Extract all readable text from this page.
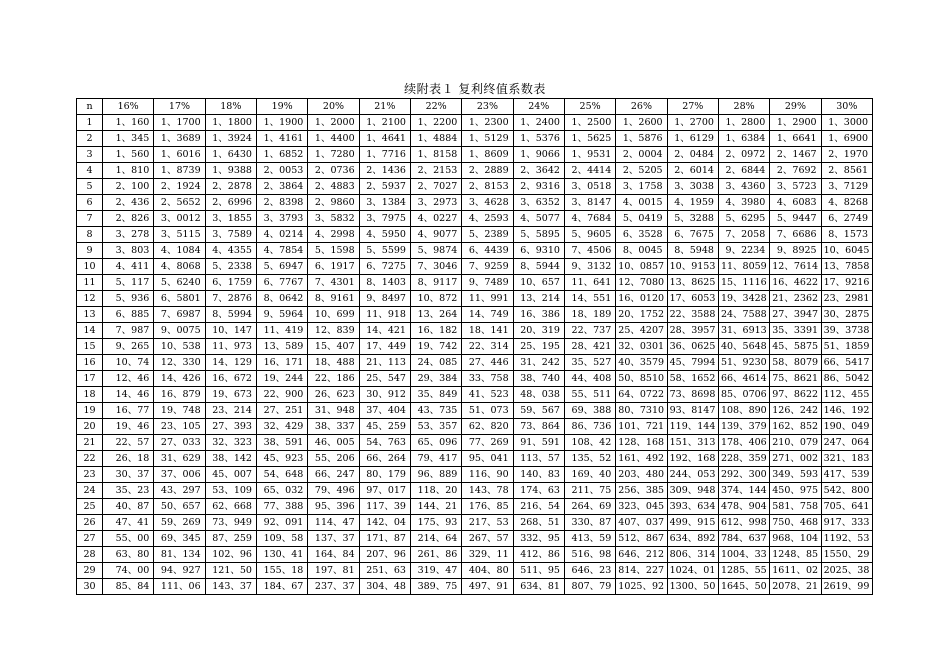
续附表１ 复利终值系数表
n	16%	17%	18%	19%	20%	21%	22%	23%	24%	25%	26%	27%	28%	29%	30%
1	1、160	1、1700	1、1800	1、1900	1、2000	1、2100	1、2200	1、2300	1、2400	1、2500	1、2600	1、2700	1、2800	1、2900	1、3000
2	1、345	1、3689	1、3924	1、4161	1、4400	1、4641	1、4884	1、5129	1、5376	1、5625	1、5876	1、6129	1、6384	1、6641	1、6900
3	1、560	1、6016	1、6430	1、6852	1、7280	1、7716	1、8158	1、8609	1、9066	1、9531	2、0004	2、0484	2、0972	2、1467	2、1970
4	1、810	1、8739	1、9388	2、0053	2、0736	2、1436	2、2153	2、2889	2、3642	2、4414	2、5205	2、6014	2、6844	2、7692	2、8561
5	2、100	2、1924	2、2878	2、3864	2、4883	2、5937	2、7027	2、8153	2、9316	3、0518	3、1758	3、3038	3、4360	3、5723	3、7129
6	2、436	2、5652	2、6996	2、8398	2、9860	3、1384	3、2973	3、4628	3、6352	3、8147	4、0015	4、1959	4、3980	4、6083	4、8268
7	2、826	3、0012	3、1855	3、3793	3、5832	3、7975	4、0227	4、2593	4、5077	4、7684	5、0419	5、3288	5、6295	5、9447	6、2749
8	3、278	3、5115	3、7589	4、0214	4、2998	4、5950	4、9077	5、2389	5、5895	5、9605	6、3528	6、7675	7、2058	7、6686	8、1573
9	3、803	4、1084	4、4355	4、7854	5、1598	5、5599	5、9874	6、4439	6、9310	7、4506	8、0045	8、5948	9、2234	9、8925	10、6045
10	4、411	4、8068	5、2338	5、6947	6、1917	6、7275	7、3046	7、9259	8、5944	9、3132	10、0857	10、9153	11、8059	12、7614	13、7858
11	5、117	5、6240	6、1759	6、7767	7、4301	8、1403	8、9117	9、7489	10、657	11、641	12、7080	13、8625	15、1116	16、4622	17、9216
12	5、936	6、5801	7、2876	8、0642	8、9161	9、8497	10、872	11、991	13、214	14、551	16、0120	17、6053	19、3428	21、2362	23、2981
13	6、885	7、6987	8、5994	9、5964	10、699	11、918	13、264	14、749	16、386	18、189	20、1752	22、3588	24、7588	27、3947	30、2875
14	7、987	9、0075	10、147	11、419	12、839	14、421	16、182	18、141	20、319	22、737	25、4207	28、3957	31、6913	35、3391	39、3738
15	9、265	10、538	11、973	13、589	15、407	17、449	19、742	22、314	25、195	28、421	32、0301	36、0625	40、5648	45、5875	51、1859
16	10、74	12、330	14、129	16、171	18、488	21、113	24、085	27、446	31、242	35、527	40、3579	45、7994	51、9230	58、8079	66、5417
17	12、46	14、426	16、672	19、244	22、186	25、547	29、384	33、758	38、740	44、408	50、8510	58、1652	66、4614	75、8621	86、5042
18	14、46	16、879	19、673	22、900	26、623	30、912	35、849	41、523	48、038	55、511	64、0722	73、8698	85、0706	97、8622	112、455
19	16、77	19、748	23、214	27、251	31、948	37、404	43、735	51、073	59、567	69、388	80、7310	93、8147	108、890	126、242	146、192
20	19、46	23、105	27、393	32、429	38、337	45、259	53、357	62、820	73、864	86、736	101、721	119、144	139、379	162、852	190、049
21	22、57	27、033	32、323	38、591	46、005	54、763	65、096	77、269	91、591	108、42	128、168	151、313	178、406	210、079	247、064
22	26、18	31、629	38、142	45、923	55、206	66、264	79、417	95、041	113、57	135、52	161、492	192、168	228、359	271、002	321、183
23	30、37	37、006	45、007	54、648	66、247	80、179	96、889	116、90	140、83	169、40	203、480	244、053	292、300	349、593	417、539
24	35、23	43、297	53、109	65、032	79、496	97、017	118、20	143、78	174、63	211、75	256、385	309、948	374、144	450、975	542、800
25	40、87	50、657	62、668	77、388	95、396	117、39	144、21	176、85	216、54	264、69	323、045	393、634	478、904	581、758	705、641
26	47、41	59、269	73、949	92、091	114、47	142、04	175、93	217、53	268、51	330、87	407、037	499、915	612、998	750、468	917、333
27	55、00	69、345	87、259	109、58	137、37	171、87	214、64	267、57	332、95	413、59	512、867	634、892	784、637	968、104	1192、53
28	63、80	81、134	102、96	130、41	164、84	207、96	261、86	329、11	412、86	516、98	646、212	806、314	1004、33	1248、85	1550、29
29	74、00	94、927	121、50	155、18	197、81	251、63	319、47	404、80	511、95	646、23	814、227	1024、01	1285、55	1611、02	2025、38
30	85、84	111、06	143、37	184、67	237、37	304、48	389、75	497、91	634、81	807、79	1025、92	1300、50	1645、50	2078、21	2619、99
